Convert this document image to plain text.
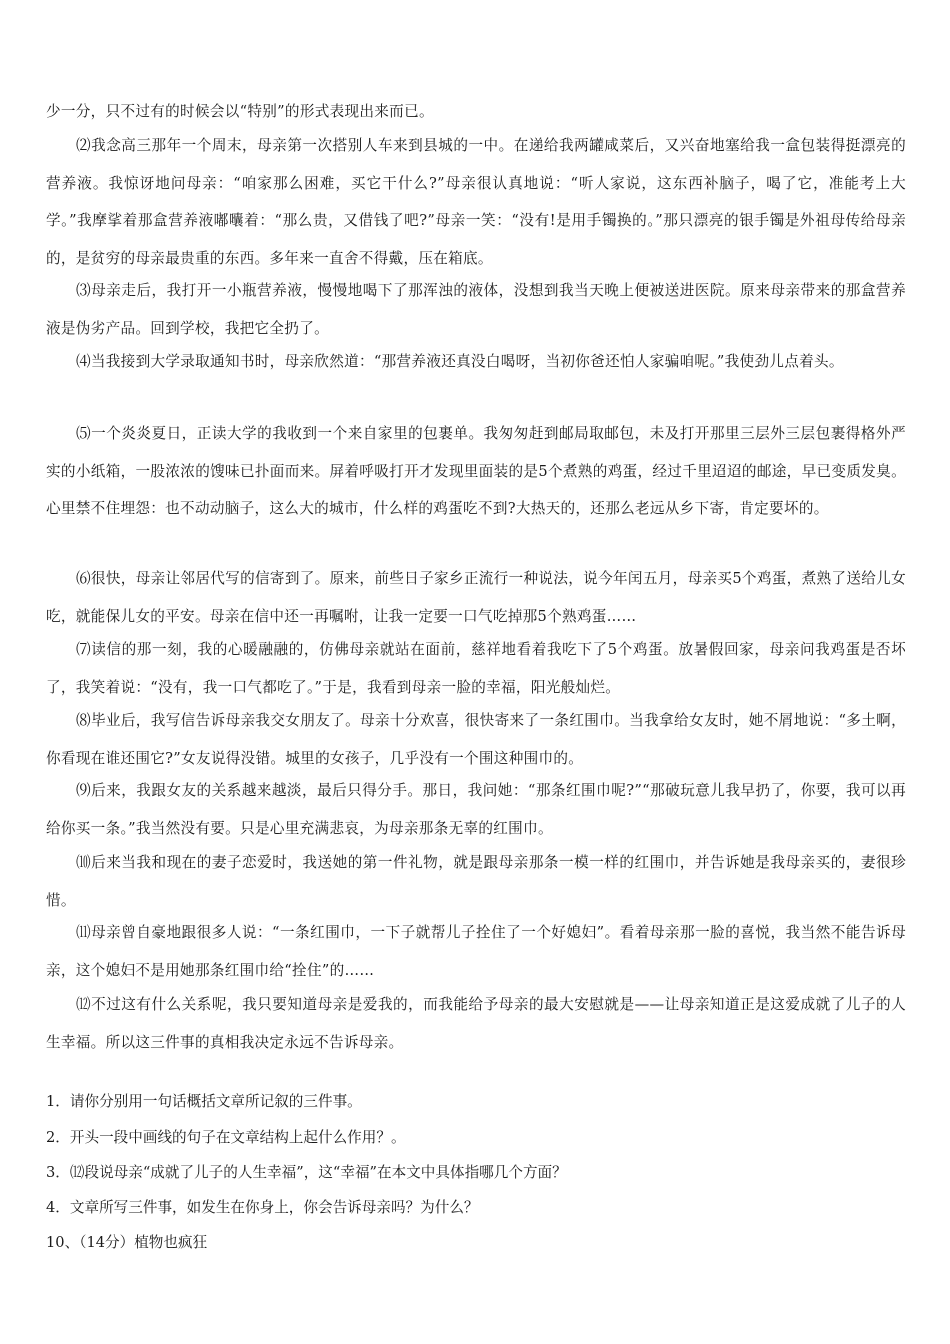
少一分，只不过有的时候会以“特别”的形式表现出来而已。

⑵我念高三那年一个周末，母亲第一次搭别人车来到县城的一中。在递给我两罐咸菜后，又兴奋地塞给我一盒包装得挺漂亮的营养液。我惊讶地问母亲：“咱家那么困难，买它干什么?”母亲很认真地说：“听人家说，这东西补脑子，喝了它，准能考上大学。”我摩挲着那盒营养液嘟囔着：“那么贵，又借钱了吧?”母亲一笑：“没有!是用手镯换的。”那只漂亮的银手镯是外祖母传给母亲的，是贫穷的母亲最贵重的东西。多年来一直舍不得戴，压在箱底。

⑶母亲走后，我打开一小瓶营养液，慢慢地喝下了那浑浊的液体，没想到我当天晚上便被送进医院。原来母亲带来的那盒营养液是伪劣产品。回到学校，我把它全扔了。

⑷当我接到大学录取通知书时，母亲欣然道：“那营养液还真没白喝呀，当初你爸还怕人家骗咱呢。”我使劲儿点着头。

⑸一个炎炎夏日，正读大学的我收到一个来自家里的包裹单。我匆匆赶到邮局取邮包，未及打开那里三层外三层包裹得格外严实的小纸箱，一股浓浓的馊味已扑面而来。屏着呼吸打开才发现里面装的是5个煮熟的鸡蛋，经过千里迢迢的邮途，早已变质发臭。心里禁不住埋怨：也不动动脑子，这么大的城市，什么样的鸡蛋吃不到?大热天的，还那么老远从乡下寄，肯定要坏的。

⑹很快，母亲让邻居代写的信寄到了。原来，前些日子家乡正流行一种说法，说今年闰五月，母亲买5个鸡蛋，煮熟了送给儿女吃，就能保儿女的平安。母亲在信中还一再嘱咐，让我一定要一口气吃掉那5个熟鸡蛋……

⑺读信的那一刻，我的心暖融融的，仿佛母亲就站在面前，慈祥地看着我吃下了5个鸡蛋。放暑假回家，母亲问我鸡蛋是否坏了，我笑着说：“没有，我一口气都吃了。”于是，我看到母亲一脸的幸福，阳光般灿烂。

⑻毕业后，我写信告诉母亲我交女朋友了。母亲十分欢喜，很快寄来了一条红围巾。当我拿给女友时，她不屑地说：“多土啊，你看现在谁还围它?”女友说得没错。城里的女孩子，几乎没有一个围这种围巾的。

⑼后来，我跟女友的关系越来越淡，最后只得分手。那日，我问她：“那条红围巾呢?”“那破玩意儿我早扔了，你要，我可以再给你买一条。”我当然没有要。只是心里充满悲哀，为母亲那条无辜的红围巾。

⑽后来当我和现在的妻子恋爱时，我送她的第一件礼物，就是跟母亲那条一模一样的红围巾，并告诉她是我母亲买的，妻很珍惜。

⑾母亲曾自豪地跟很多人说：“一条红围巾，一下子就帮儿子拴住了一个好媳妇”。看着母亲那一脸的喜悦，我当然不能告诉母亲，这个媳妇不是用她那条红围巾给“拴住”的……

⑿不过这有什么关系呢，我只要知道母亲是爱我的，而我能给予母亲的最大安慰就是——让母亲知道正是这爱成就了儿子的人生幸福。所以这三件事的真相我决定永远不告诉母亲。

1．请你分别用一句话概括文章所记叙的三件事。

2．开头一段中画线的句子在文章结构上起什么作用？。

3．⑿段说母亲“成就了儿子的人生幸福”，这“幸福”在本文中具体指哪几个方面？

4．文章所写三件事，如发生在你身上，你会告诉母亲吗？为什么？

10、（14分）植物也疯狂
